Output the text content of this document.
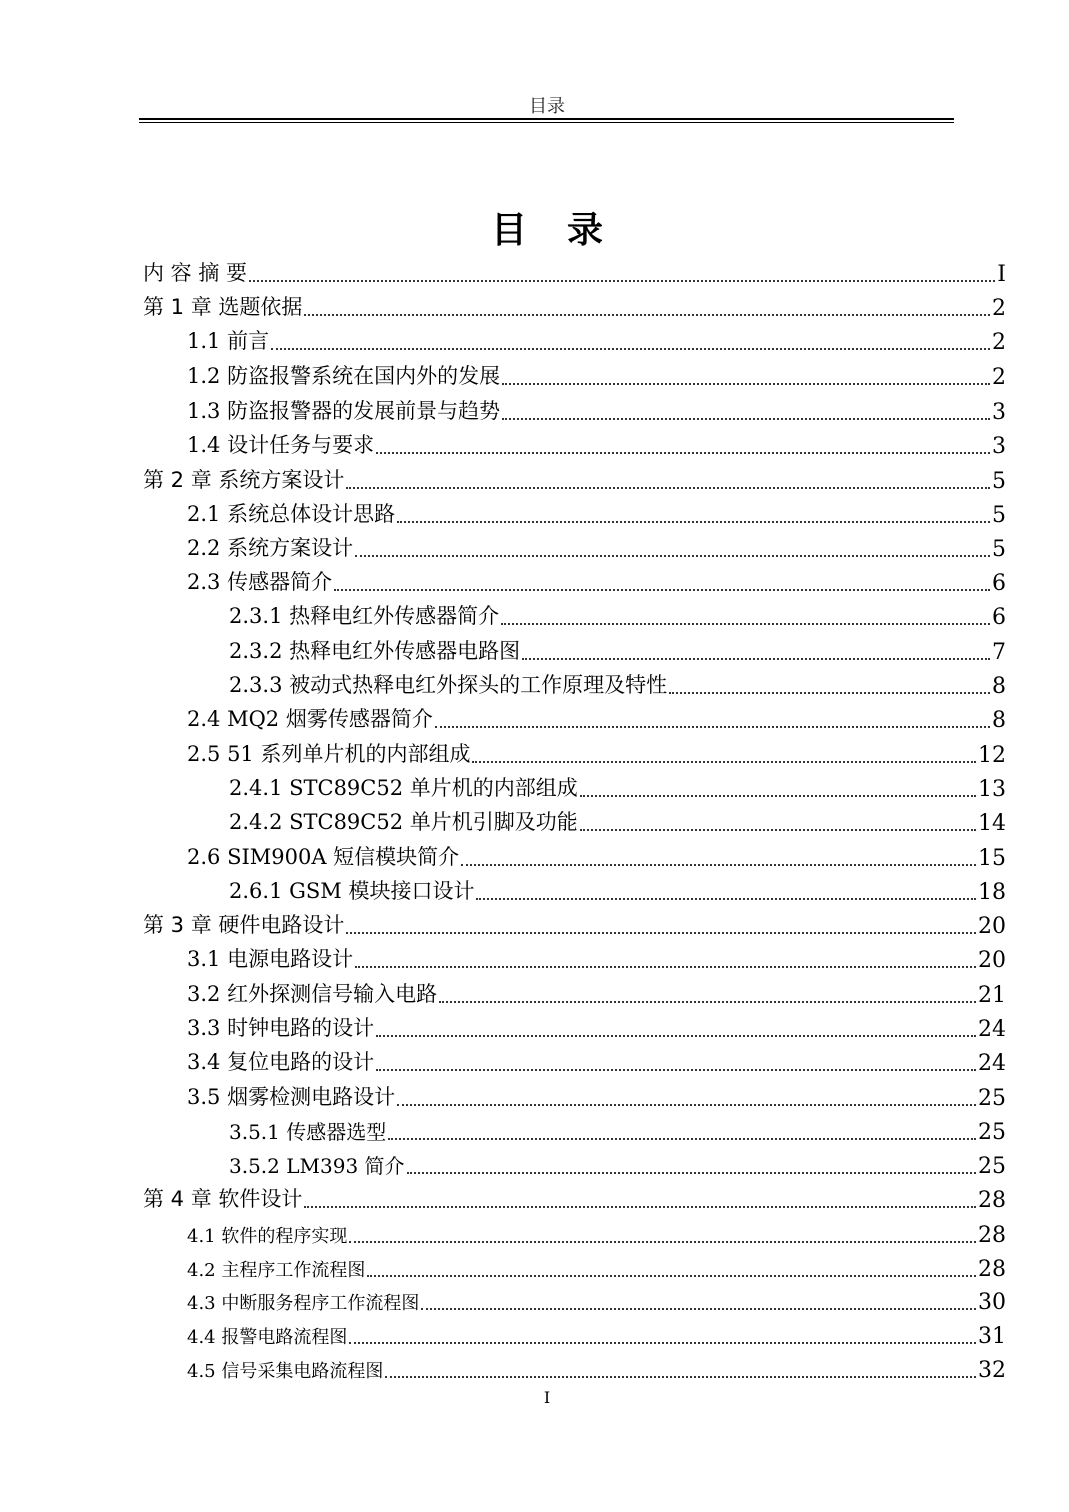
目录
目录
内 容 摘 要	I
第 1 章 选题依据	2
1.1 前言	2
1.2 防盗报警系统在国内外的发展	2
1.3 防盗报警器的发展前景与趋势	3
1.4 设计任务与要求	3
第 2 章 系统方案设计	5
2.1 系统总体设计思路	5
2.2 系统方案设计	5
2.3 传感器简介	6
2.3.1 热释电红外传感器简介	6
2.3.2 热释电红外传感器电路图	7
2.3.3 被动式热释电红外探头的工作原理及特性	8
2.4 MQ2 烟雾传感器简介	8
2.5 51 系列单片机的内部组成	12
2.4.1 STC89C52 单片机的内部组成	13
2.4.2 STC89C52 单片机引脚及功能	14
2.6 SIM900A 短信模块简介	15
2.6.1 GSM 模块接口设计	18
第 3 章 硬件电路设计	20
3.1 电源电路设计	20
3.2 红外探测信号输入电路	21
3.3 时钟电路的设计	24
3.4 复位电路的设计	24
3.5 烟雾检测电路设计	25
3.5.1 传感器选型	25
3.5.2 LM393 简介	25
第 4 章 软件设计	28
4.1 软件的程序实现	28
4.2 主程序工作流程图	28
4.3 中断服务程序工作流程图	30
4.4 报警电路流程图	31
4.5 信号采集电路流程图	32
I
